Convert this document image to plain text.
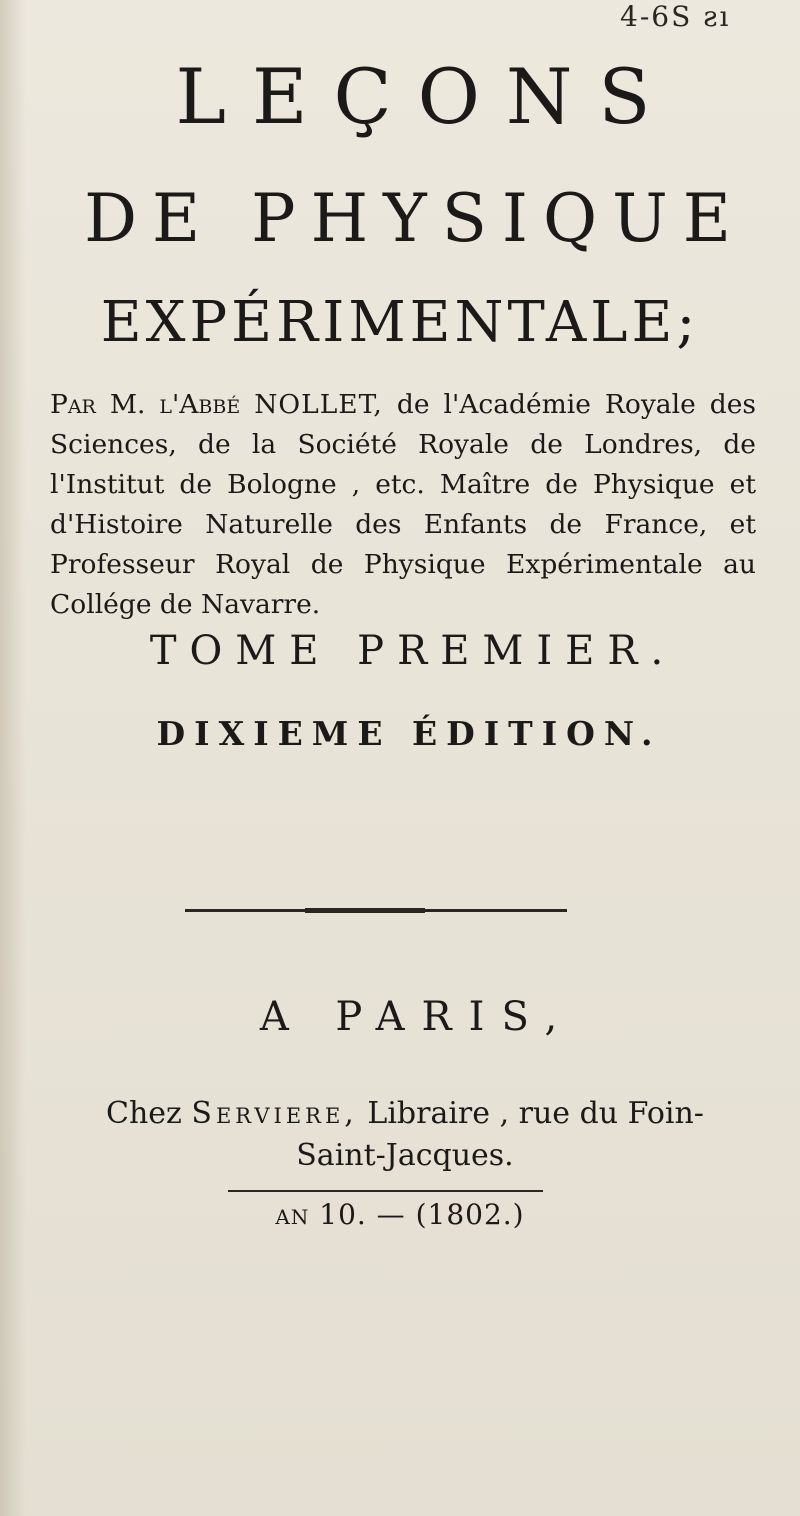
4-6S ƨı
LEÇONS
DE PHYSIQUE
EXPÉRIMENTALE;
Par M. l'Abbé NOLLET, de l'Académie Royale des Sciences, de la Société Royale de Londres, de l'Institut de Bologne , etc. Maître de Physique et d'Histoire Naturelle des Enfants de France, et Professeur Royal de Physique Expérimentale au Collége de Navarre.
TOME PREMIER.
DIXIEME ÉDITION.
A PARIS,
Chez Serviere, Libraire , rue du Foin-Saint-Jacques.
an 10. — (1802.)
